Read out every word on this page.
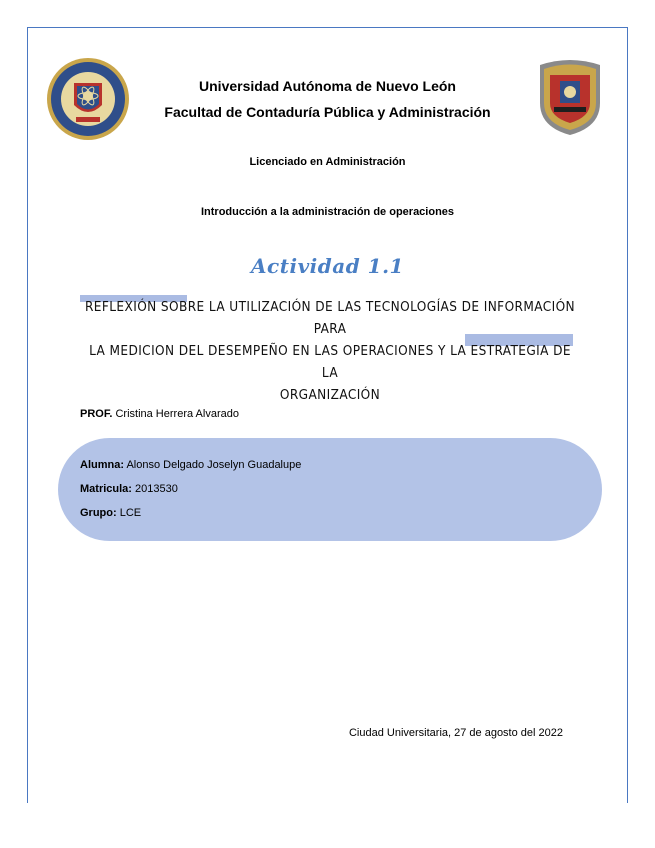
Universidad Autónoma de Nuevo León
Facultad de Contaduría Pública y Administración
Licenciado en Administración
Introducción a la administración de operaciones
Actividad 1.1
REFLEXIÓN SOBRE LA UTILIZACIÓN DE LAS TECNOLOGÍAS DE INFORMACIÓN PARA
LA MEDICION DEL DESEMPEÑO EN LAS OPERACIONES Y LA ESTRATEGIA DE LA
ORGANIZACIÓN
PROF. Cristina Herrera Alvarado
Alumna: Alonso Delgado Joselyn Guadalupe
Matricula: 2013530
Grupo: LCE
Ciudad Universitaria, 27 de agosto del 2022
